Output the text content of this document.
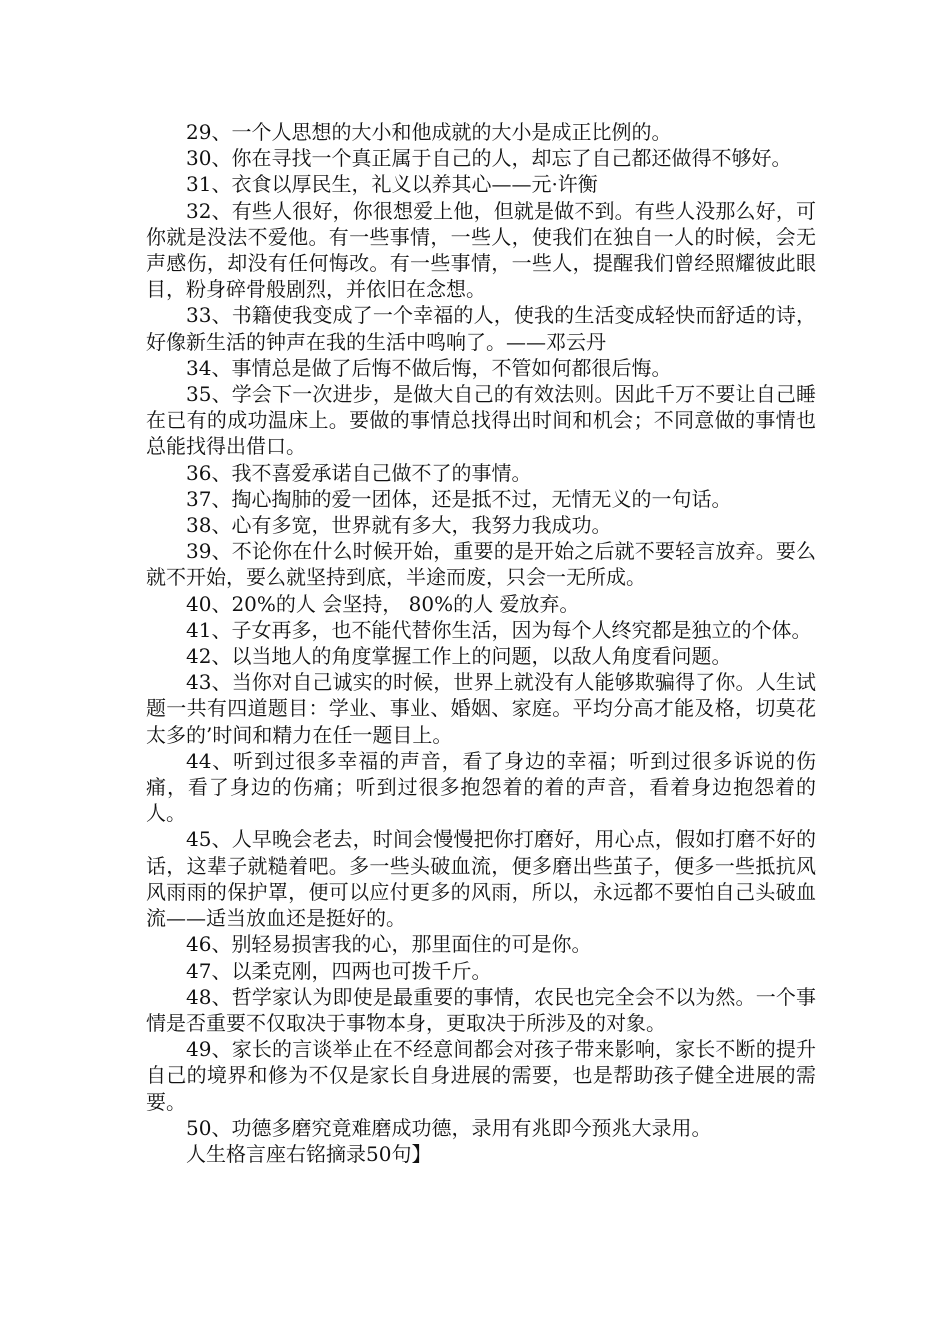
29、一个人思想的大小和他成就的大小是成正比例的。

30、你在寻找一个真正属于自己的人，却忘了自己都还做得不够好。

31、衣食以厚民生，礼义以养其心——元·许衡

32、有些人很好，你很想爱上他，但就是做不到。有些人没那么好，可你就是没法不爱他。有一些事情，一些人，使我们在独自一人的时候，会无声感伤，却没有任何悔改。有一些事情，一些人，提醒我们曾经照耀彼此眼目，粉身碎骨般剧烈，并依旧在念想。

33、书籍使我变成了一个幸福的人，使我的生活变成轻快而舒适的诗，好像新生活的钟声在我的生活中鸣响了。——邓云丹

34、事情总是做了后悔不做后悔，不管如何都很后悔。

35、学会下一次进步，是做大自己的有效法则。因此千万不要让自己睡在已有的成功温床上。要做的事情总找得出时间和机会；不同意做的事情也总能找得出借口。

36、我不喜爱承诺自己做不了的事情。

37、掏心掏肺的爱一团体，还是抵不过，无情无义的一句话。

38、心有多宽，世界就有多大，我努力我成功。

39、不论你在什么时候开始，重要的是开始之后就不要轻言放弃。要么就不开始，要么就坚持到底，半途而废，只会一无所成。

40、20%的人 会坚持， 80%的人 爱放弃。

41、子女再多，也不能代替你生活，因为每个人终究都是独立的个体。

42、以当地人的角度掌握工作上的问题，以敌人角度看问题。

43、当你对自己诚实的时候，世界上就没有人能够欺骗得了你。人生试题一共有四道题目：学业、事业、婚姻、家庭。平均分高才能及格，切莫花太多的’时间和精力在任一题目上。

44、听到过很多幸福的声音，看了身边的幸福；听到过很多诉说的伤痛，看了身边的伤痛；听到过很多抱怨着的着的声音，看着身边抱怨着的人。

45、人早晚会老去，时间会慢慢把你打磨好，用心点，假如打磨不好的话，这辈子就糙着吧。多一些头破血流，便多磨出些茧子，便多一些抵抗风风雨雨的保护罩，便可以应付更多的风雨，所以，永远都不要怕自己头破血流——适当放血还是挺好的。

46、别轻易损害我的心，那里面住的可是你。

47、以柔克刚，四两也可拨千斤。

48、哲学家认为即使是最重要的事情，农民也完全会不以为然。一个事情是否重要不仅取决于事物本身，更取决于所涉及的对象。

49、家长的言谈举止在不经意间都会对孩子带来影响，家长不断的提升自己的境界和修为不仅是家长自身进展的需要，也是帮助孩子健全进展的需要。

50、功德多磨究竟难磨成功德，录用有兆即今预兆大录用。

人生格言座右铭摘录50句】
